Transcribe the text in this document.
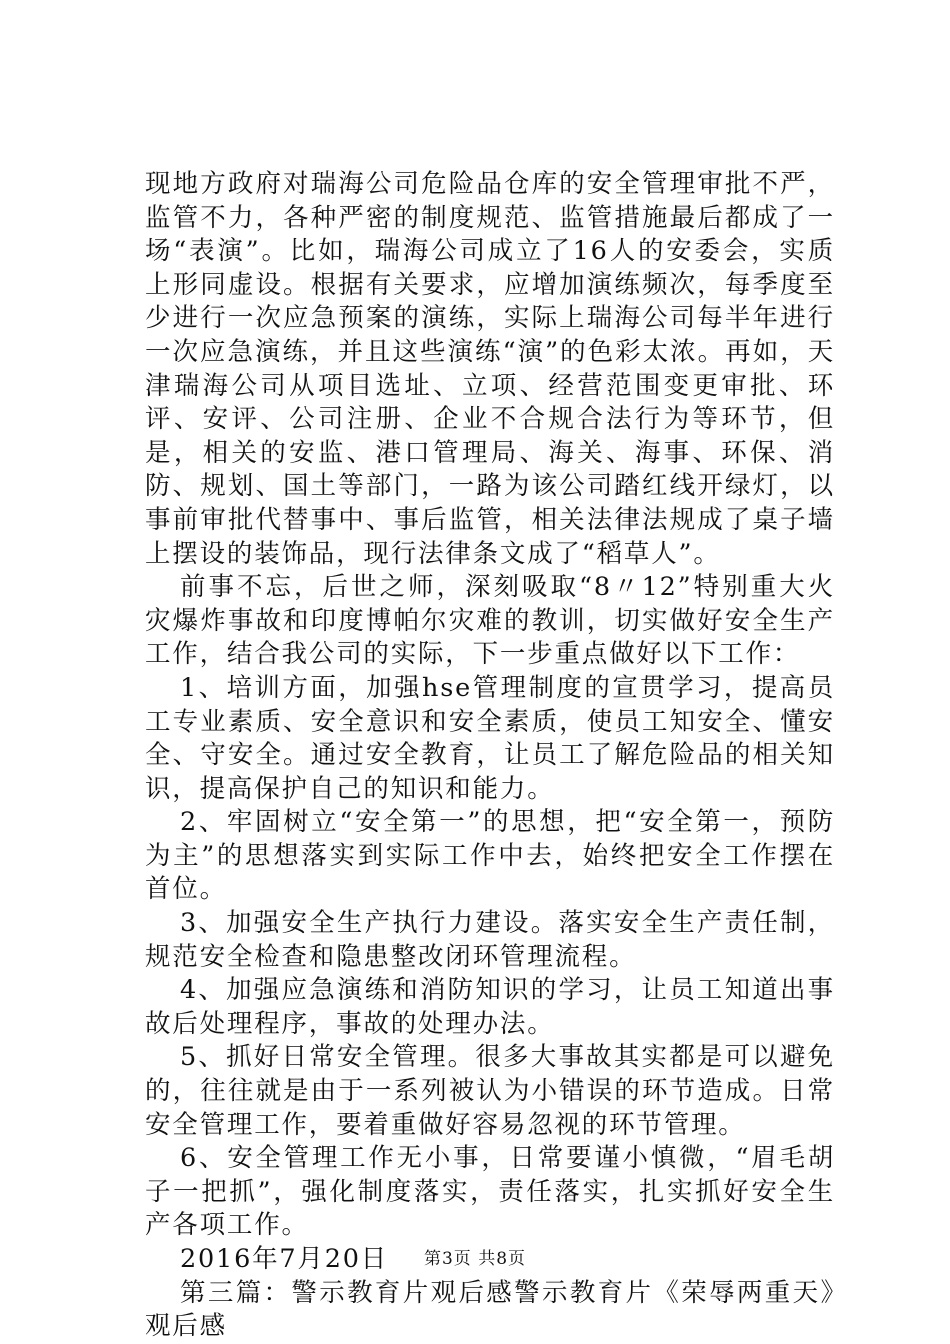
现地方政府对瑞海公司危险品仓库的安全管理审批不严，监管不力，各种严密的制度规范、监管措施最后都成了一场“表演”。比如，瑞海公司成立了16人的安委会，实质上形同虚设。根据有关要求，应增加演练频次，每季度至少进行一次应急预案的演练，实际上瑞海公司每半年进行一次应急演练，并且这些演练“演”的色彩太浓。再如，天津瑞海公司从项目选址、立项、经营范围变更审批、环评、安评、公司注册、企业不合规合法行为等环节，但是，相关的安监、港口管理局、海关、海事、环保、消防、规划、国土等部门，一路为该公司踏红线开绿灯，以事前审批代替事中、事后监管，相关法律法规成了桌子墙上摆设的装饰品，现行法律条文成了“稻草人”。

前事不忘，后世之师，深刻吸取“8〃12”特别重大火灾爆炸事故和印度博帕尔灾难的教训，切实做好安全生产工作，结合我公司的实际，下一步重点做好以下工作：

1、培训方面，加强hse管理制度的宣贯学习，提高员工专业素质、安全意识和安全素质，使员工知安全、懂安全、守安全。通过安全教育，让员工了解危险品的相关知识，提高保护自己的知识和能力。

2、牢固树立“安全第一”的思想，把“安全第一，预防为主”的思想落实到实际工作中去，始终把安全工作摆在首位。

3、加强安全生产执行力建设。落实安全生产责任制，规范安全检查和隐患整改闭环管理流程。

4、加强应急演练和消防知识的学习，让员工知道出事故后处理程序，事故的处理办法。

5、抓好日常安全管理。很多大事故其实都是可以避免的，往往就是由于一系列被认为小错误的环节造成。日常安全管理工作，要着重做好容易忽视的环节管理。

6、安全管理工作无小事，日常要谨小慎微，“眉毛胡子一把抓”，强化制度落实，责任落实，扎实抓好安全生产各项工作。

2016年7月20日

第三篇：警示教育片观后感警示教育片《荣辱两重天》观后感

第3页 共8页
